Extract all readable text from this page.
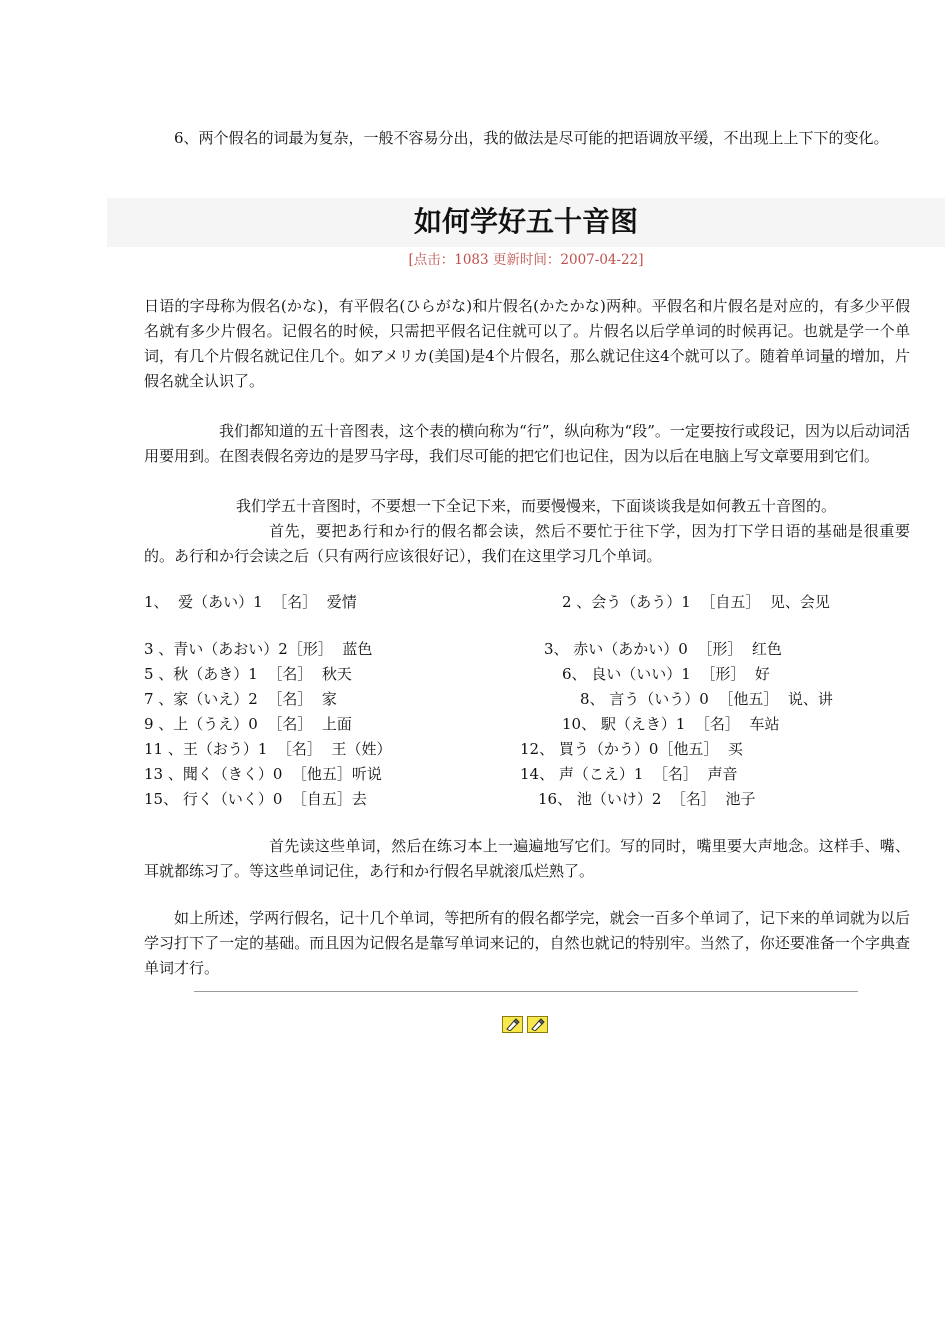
6、两个假名的词最为复杂，一般不容易分出，我的做法是尽可能的把语调放平缓，不出现上上下下的变化。

如何学好五十音图
[点击：1083 更新时间：2007-04-22]

日语的字母称为假名(かな)，有平假名(ひらがな)和片假名(かたかな)两种。平假名和片假名是对应的，有多少平假名就有多少片假名。记假名的时候，只需把平假名记住就可以了。片假名以后学单词的时候再记。也就是学一个单词，有几个片假名就记住几个。如アメリカ(美国)是4个片假名，那么就记住这4个就可以了。随着单词量的增加，片假名就全认识了。

我们都知道的五十音图表，这个表的横向称为“行”，纵向称为“段”。一定要按行或段记，因为以后动词活用要用到。在图表假名旁边的是罗马字母，我们尽可能的把它们也记住，因为以后在电脑上写文章要用到它们。

我们学五十音图时，不要想一下全记下来，而要慢慢来，下面谈谈我是如何教五十音图的。

首先，要把あ行和か行的假名都会读，然后不要忙于往下学，因为打下学日语的基础是很重要的。あ行和か行会读之后（只有两行应该很好记），我们在这里学习几个单词。

1、  爱（あい）1  ［名］  爱情	2 、会う（あう）1  ［自五］  见、会见
3 、青い（あおい）2［形］  蓝色	3、 赤い（あかい）0  ［形］  红色
5 、秋（あき）1  ［名］  秋天	6、 良い（いい）1  ［形］  好
7 、家（いえ）2  ［名］  家	8、 言う（いう）0  ［他五］  说、讲
9 、上（うえ）0  ［名］  上面	10、 駅（えき）1  ［名］  车站
11 、王（おう）1  ［名］  王（姓）	12、 買う（かう）0［他五］  买
13 、聞く（きく）0  ［他五］听说	14、 声（こえ）1  ［名］  声音
15、 行く（いく）0  ［自五］去	16、 池（いけ）2  ［名］  池子

首先读这些单词，然后在练习本上一遍遍地写它们。写的同时，嘴里要大声地念。这样手、嘴、耳就都练习了。等这些单词记住，あ行和か行假名早就滚瓜烂熟了。

如上所述，学两行假名，记十几个单词，等把所有的假名都学完，就会一百多个单词了，记下来的单词就为以后学习打下了一定的基础。而且因为记假名是靠写单词来记的，自然也就记的特别牢。当然了，你还要准备一个字典查单词才行。
